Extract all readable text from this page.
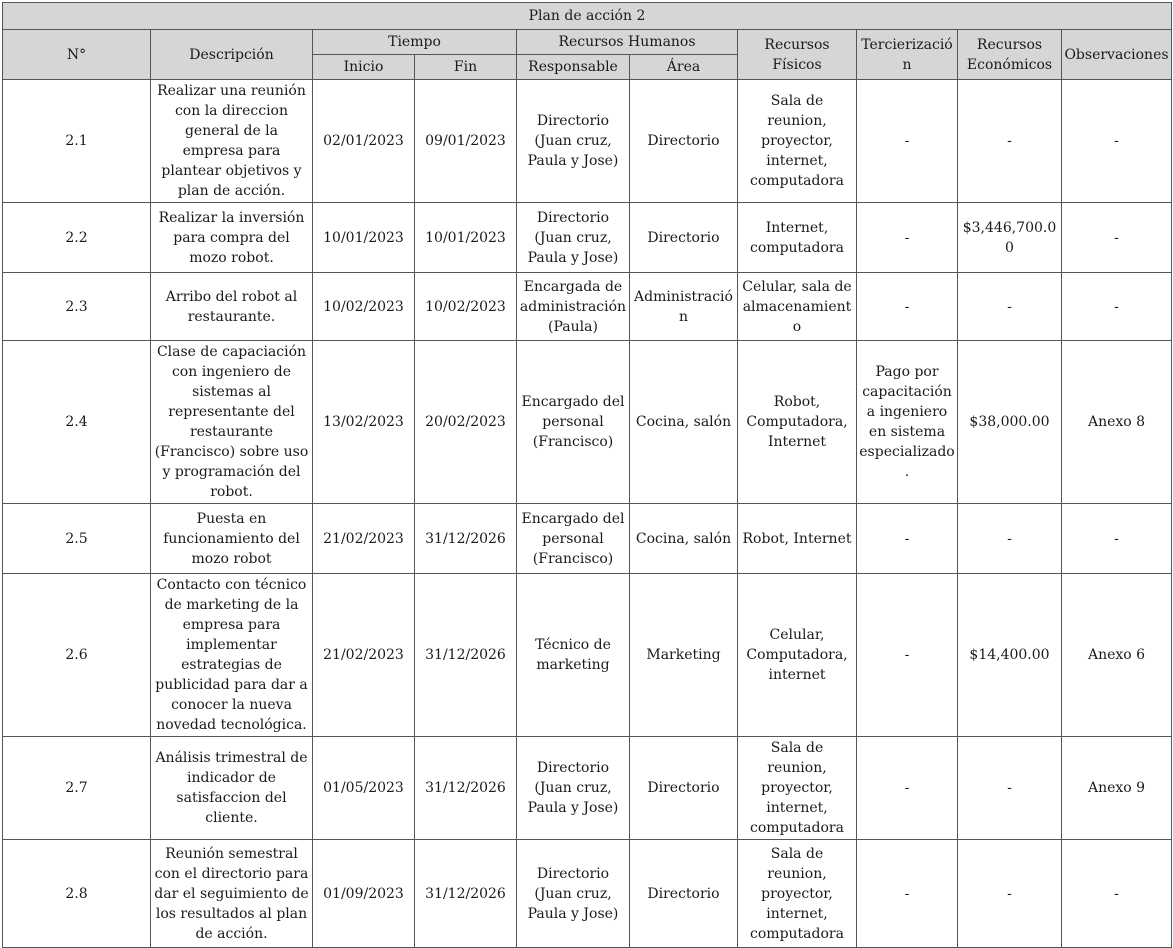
Plan de acción 2									
N°	Descripción	Tiempo		Recursos Humanos		Recursos Físicos	Tercierización	Recursos Económicos	Observaciones
		Inicio	Fin	Responsable	Área				
2.1	Realizar una reunión con la direccion general de la empresa para plantear objetivos y plan de acción.	02/01/2023	09/01/2023	Directorio (Juan cruz, Paula y Jose)	Directorio	Sala de reunion, proyector, internet, computadora	-	-	-
2.2	Realizar la inversión para compra del mozo robot.	10/01/2023	10/01/2023	Directorio (Juan cruz, Paula y Jose)	Directorio	Internet, computadora	-	$3,446,700.00	-
2.3	Arribo del robot al restaurante.	10/02/2023	10/02/2023	Encargada de administración (Paula)	Administración	Celular, sala de almacenamiento	-	-	-
2.4	Clase de capaciación con ingeniero de sistemas al representante del restaurante (Francisco) sobre uso y programación del robot.	13/02/2023	20/02/2023	Encargado del personal (Francisco)	Cocina, salón	Robot, Computadora, Internet	Pago por capacitación a ingeniero en sistema especializado.	$38,000.00	Anexo 8
2.5	Puesta en funcionamiento del mozo robot	21/02/2023	31/12/2026	Encargado del personal (Francisco)	Cocina, salón	Robot, Internet	-	-	-
2.6	Contacto con técnico de marketing de la empresa para implementar estrategias de publicidad para dar a conocer la nueva novedad tecnológica.	21/02/2023	31/12/2026	Técnico de marketing	Marketing	Celular, Computadora, internet	-	$14,400.00	Anexo 6
2.7	Análisis trimestral de indicador de satisfaccion del cliente.	01/05/2023	31/12/2026	Directorio (Juan cruz, Paula y Jose)	Directorio	Sala de reunion, proyector, internet, computadora	-	-	Anexo 9
2.8	Reunión semestral con el directorio para dar el seguimiento de los resultados al plan de acción.	01/09/2023	31/12/2026	Directorio (Juan cruz, Paula y Jose)	Directorio	Sala de reunion, proyector, internet, computadora	-	-	-
